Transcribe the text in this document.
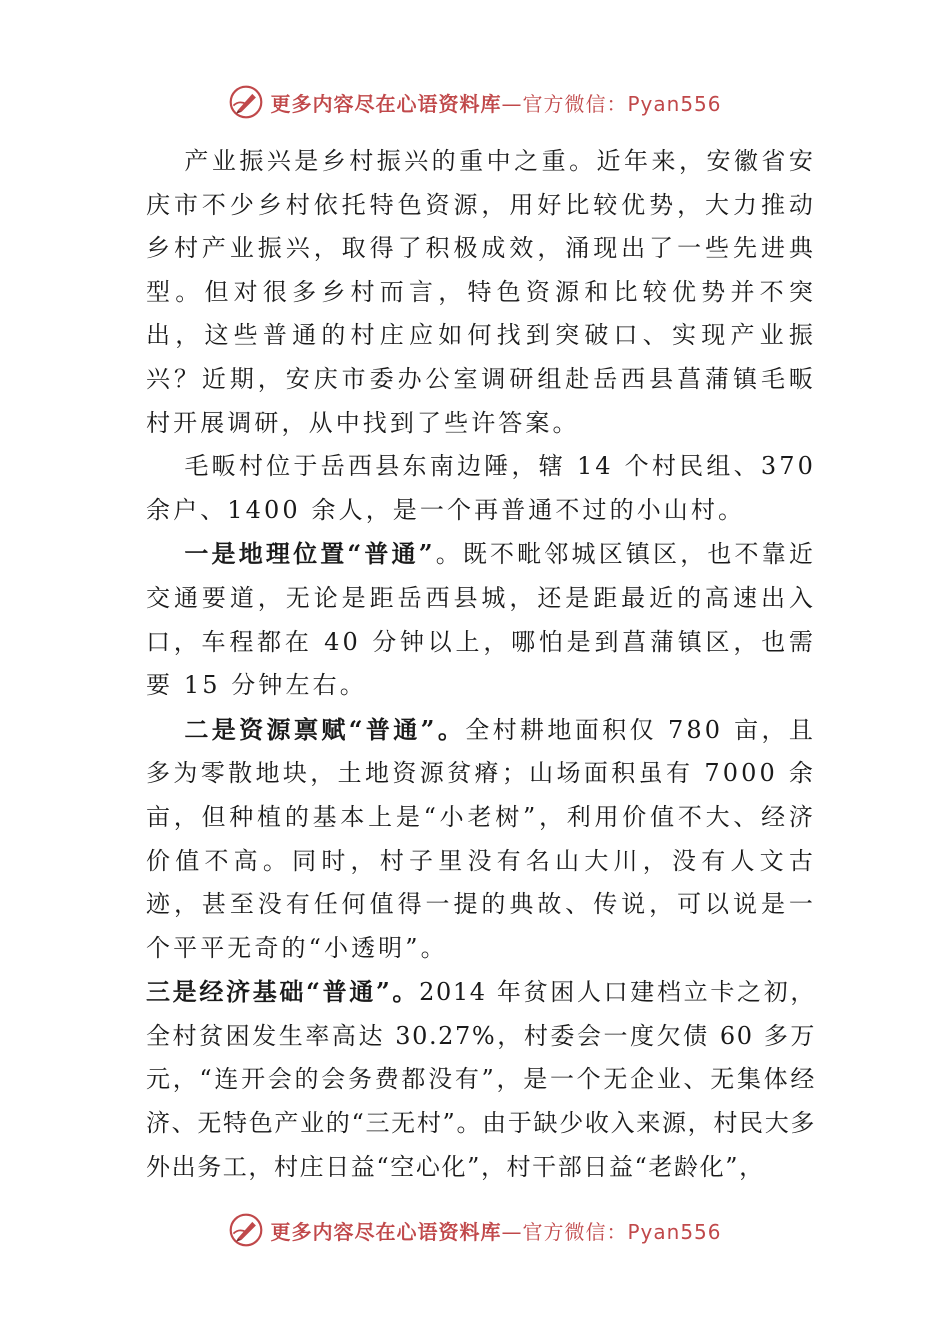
更多内容尽在心语资料库—官方微信：Pyan556

产业振兴是乡村振兴的重中之重。近年来，安徽省安庆市不少乡村依托特色资源，用好比较优势，大力推动乡村产业振兴，取得了积极成效，涌现出了一些先进典型。但对很多乡村而言，特色资源和比较优势并不突出，这些普通的村庄应如何找到突破口、实现产业振兴？近期，安庆市委办公室调研组赴岳西县菖蒲镇毛畈村开展调研，从中找到了些许答案。

毛畈村位于岳西县东南边陲，辖 14 个村民组、370 余户、1400 余人，是一个再普通不过的小山村。

一是地理位置“普通”。既不毗邻城区镇区，也不靠近交通要道，无论是距岳西县城，还是距最近的高速出入口，车程都在 40 分钟以上，哪怕是到菖蒲镇区，也需要 15 分钟左右。

二是资源禀赋“普通”。全村耕地面积仅 780 亩，且多为零散地块，土地资源贫瘠；山场面积虽有 7000 余亩，但种植的基本上是“小老树”，利用价值不大、经济价值不高。同时，村子里没有名山大川，没有人文古迹，甚至没有任何值得一提的典故、传说，可以说是一个平平无奇的“小透明”。

三是经济基础“普通”。2014 年贫困人口建档立卡之初，全村贫困发生率高达 30.27%，村委会一度欠债 60 多万元，“连开会的会务费都没有”，是一个无企业、无集体经济、无特色产业的“三无村”。由于缺少收入来源，村民大多外出务工，村庄日益“空心化”，村干部日益“老龄化”，

更多内容尽在心语资料库—官方微信：Pyan556
